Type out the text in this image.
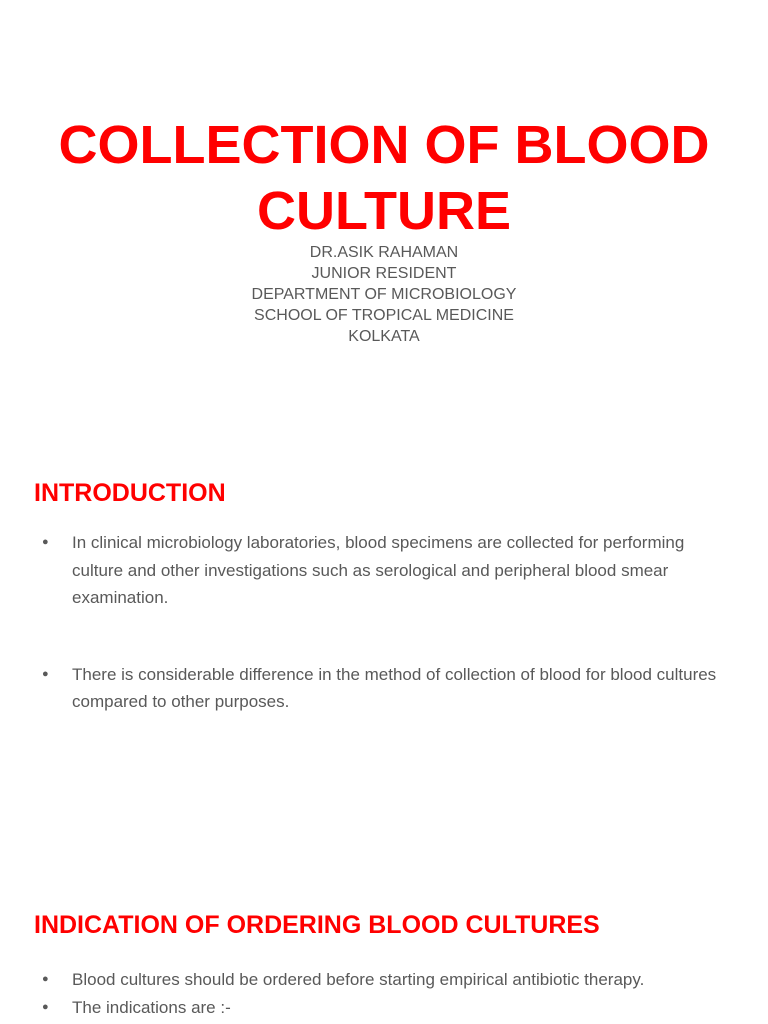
COLLECTION OF BLOOD
CULTURE
DR.ASIK RAHAMAN
JUNIOR RESIDENT
DEPARTMENT OF MICROBIOLOGY
SCHOOL OF TROPICAL MEDICINE
KOLKATA
INTRODUCTION
● In clinical microbiology laboratories, blood specimens are collected for performing culture and other investigations such as serological and peripheral blood smear examination.
● There is considerable difference in the method of collection of blood for blood cultures compared to other purposes.
INDICATION OF ORDERING BLOOD CULTURES
● Blood cultures should be ordered before starting empirical antibiotic therapy.
● The indications are :-
